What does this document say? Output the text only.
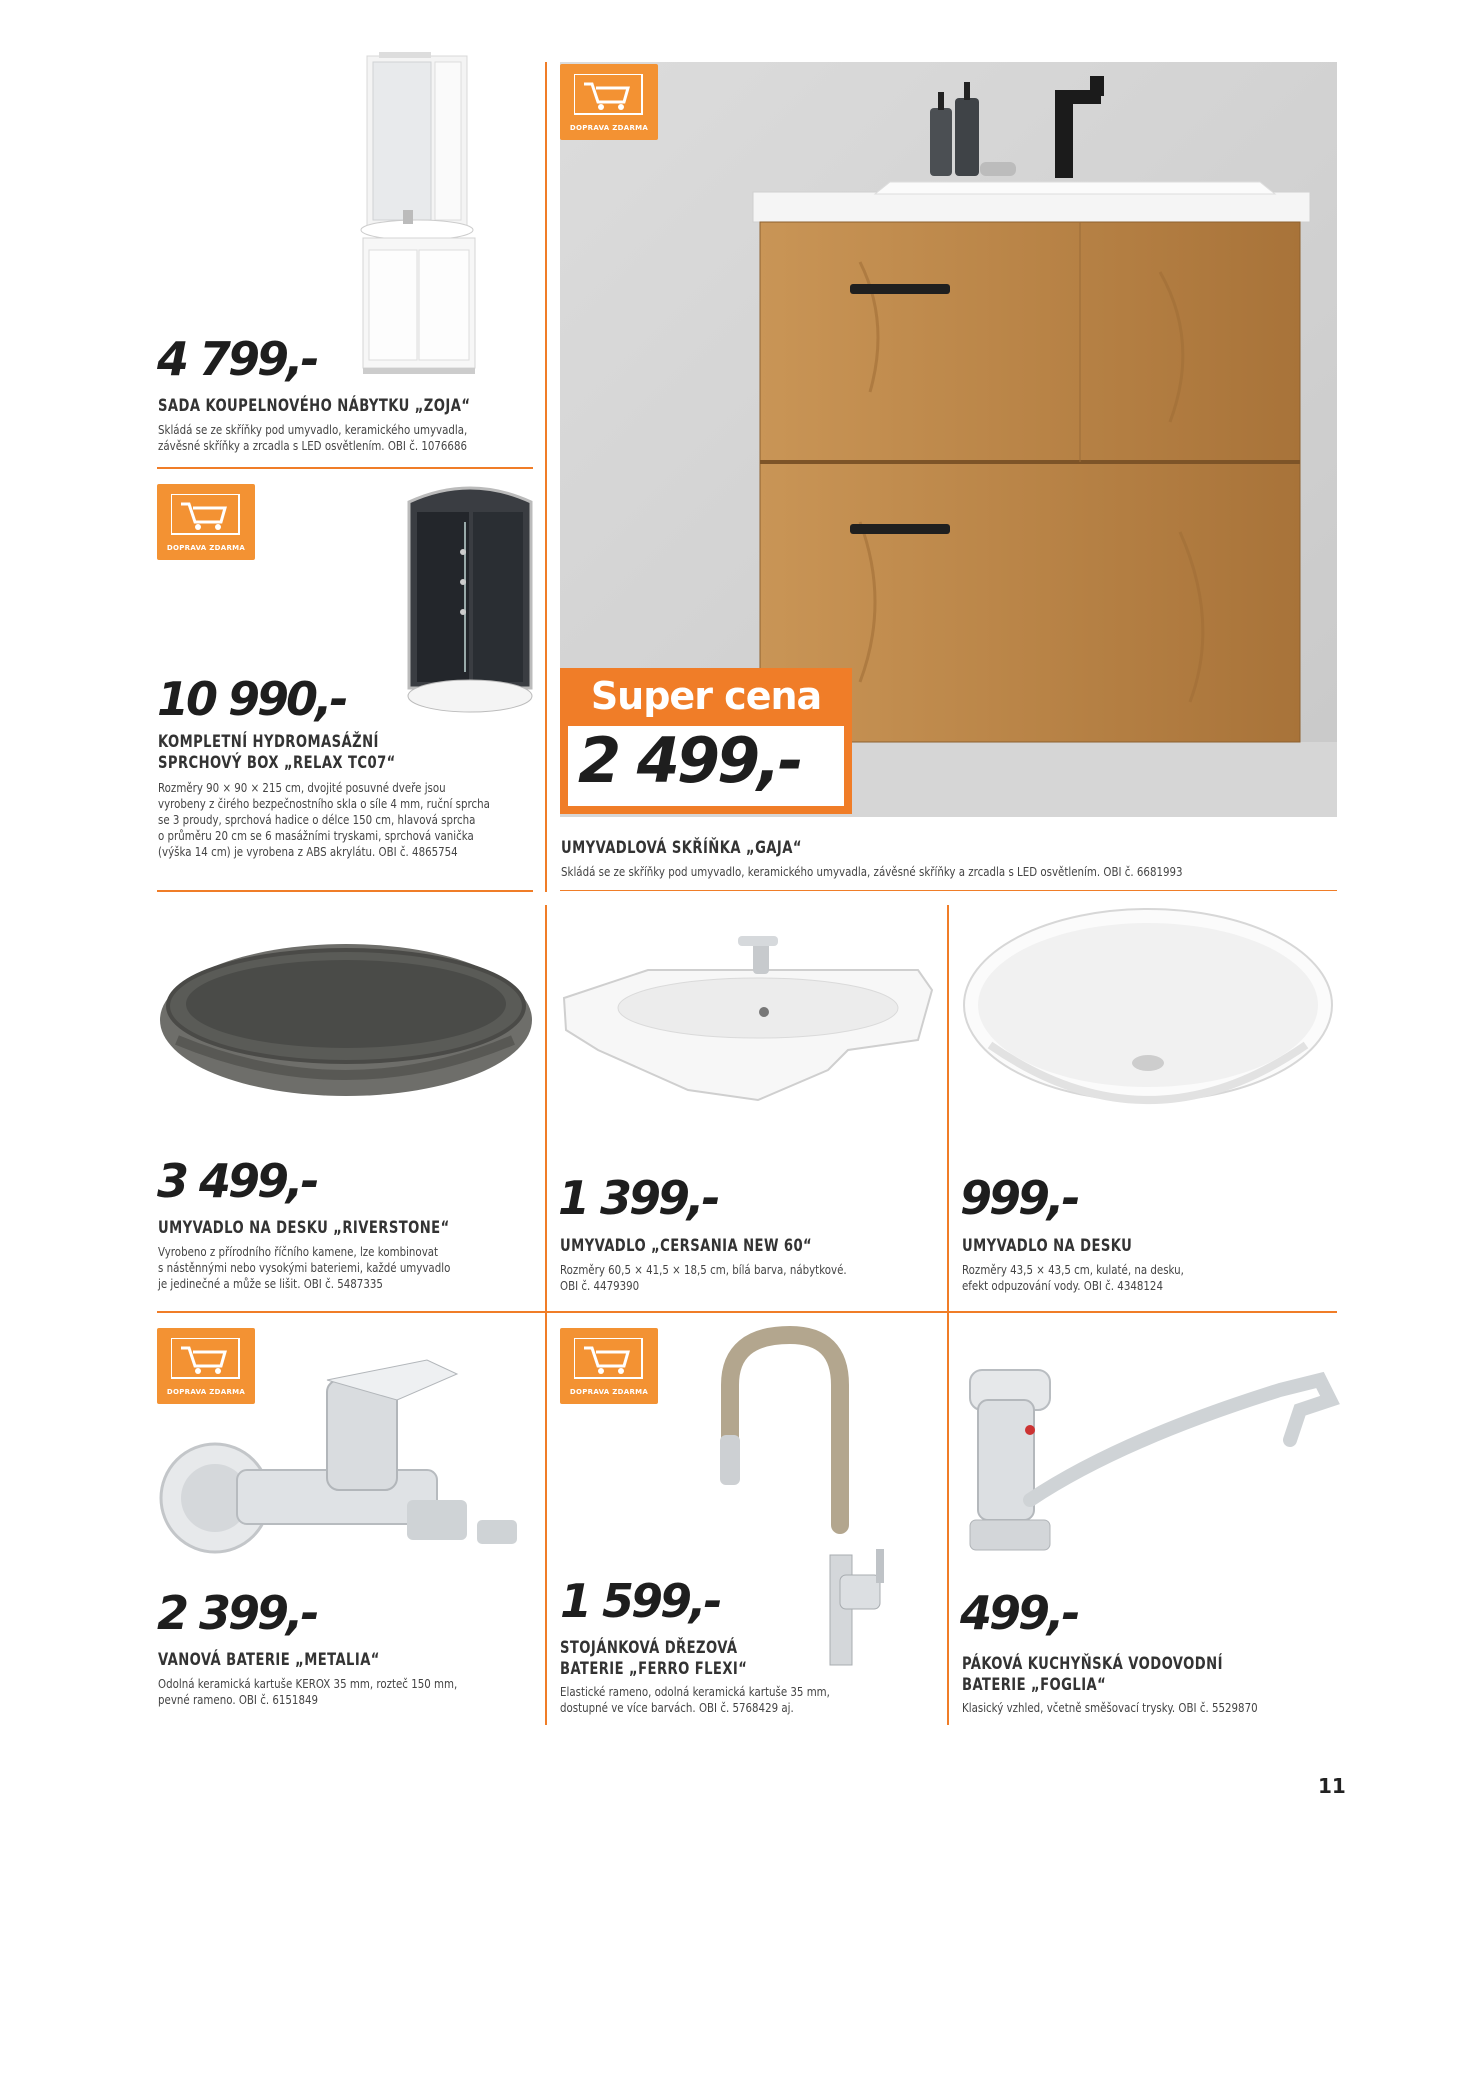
4 799,-
SADA KOUPELNOVÉHO NÁBYTKU „ZOJA“
Skládá se ze skříňky pod umyvadlo, keramického umyvadla,
závěsné skříňky a zrcadla s LED osvětlením. OBI č. 1076686
DOPRAVA ZDARMA
10 990,-
KOMPLETNÍ HYDROMASÁŽNÍ
SPRCHOVÝ BOX „RELAX TC07“
Rozměry 90 × 90 × 215 cm, dvojité posuvné dveře jsou
vyrobeny z čirého bezpečnostního skla o síle 4 mm, ruční sprcha
se 3 proudy, sprchová hadice o délce 150 cm, hlavová sprcha
o průměru 20 cm se 6 masážními tryskami, sprchová vanička
(výška 14 cm) je vyrobena z ABS akrylátu. OBI č. 4865754
Super cena
2 499,-
UMYVADLOVÁ SKŘÍŇKA „GAJA“
Skládá se ze skříňky pod umyvadlo, keramického umyvadla, závěsné skříňky a zrcadla s LED osvětlením. OBI č. 6681993
3 499,-
UMYVADLO NA DESKU „RIVERSTONE“
Vyrobeno z přírodního říčního kamene, lze kombinovat
s nástěnnými nebo vysokými bateriemi, každé umyvadlo
je jedinečné a může se lišit. OBI č. 5487335
1 399,-
UMYVADLO „CERSANIA NEW 60“
Rozměry 60,5 × 41,5 × 18,5 cm, bílá barva, nábytkové.
OBI č. 4479390
999,-
UMYVADLO NA DESKU
Rozměry 43,5 × 43,5 cm, kulaté, na desku,
efekt odpuzování vody. OBI č. 4348124
DOPRAVA ZDARMA
2 399,-
VANOVÁ BATERIE „METALIA“
Odolná keramická kartuše KEROX 35 mm, rozteč 150 mm,
pevné rameno. OBI č. 6151849
DOPRAVA ZDARMA
1 599,-
STOJÁNKOVÁ DŘEZOVÁ
BATERIE „FERRO FLEXI“
Elastické rameno, odolná keramická kartuše 35 mm,
dostupné ve více barvách. OBI č. 5768429 aj.
499,-
PÁKOVÁ KUCHYŇSKÁ VODOVODNÍ
BATERIE „FOGLIA“
Klasický vzhled, včetně směšovací trysky. OBI č. 5529870
DOPRAVA ZDARMA
11
